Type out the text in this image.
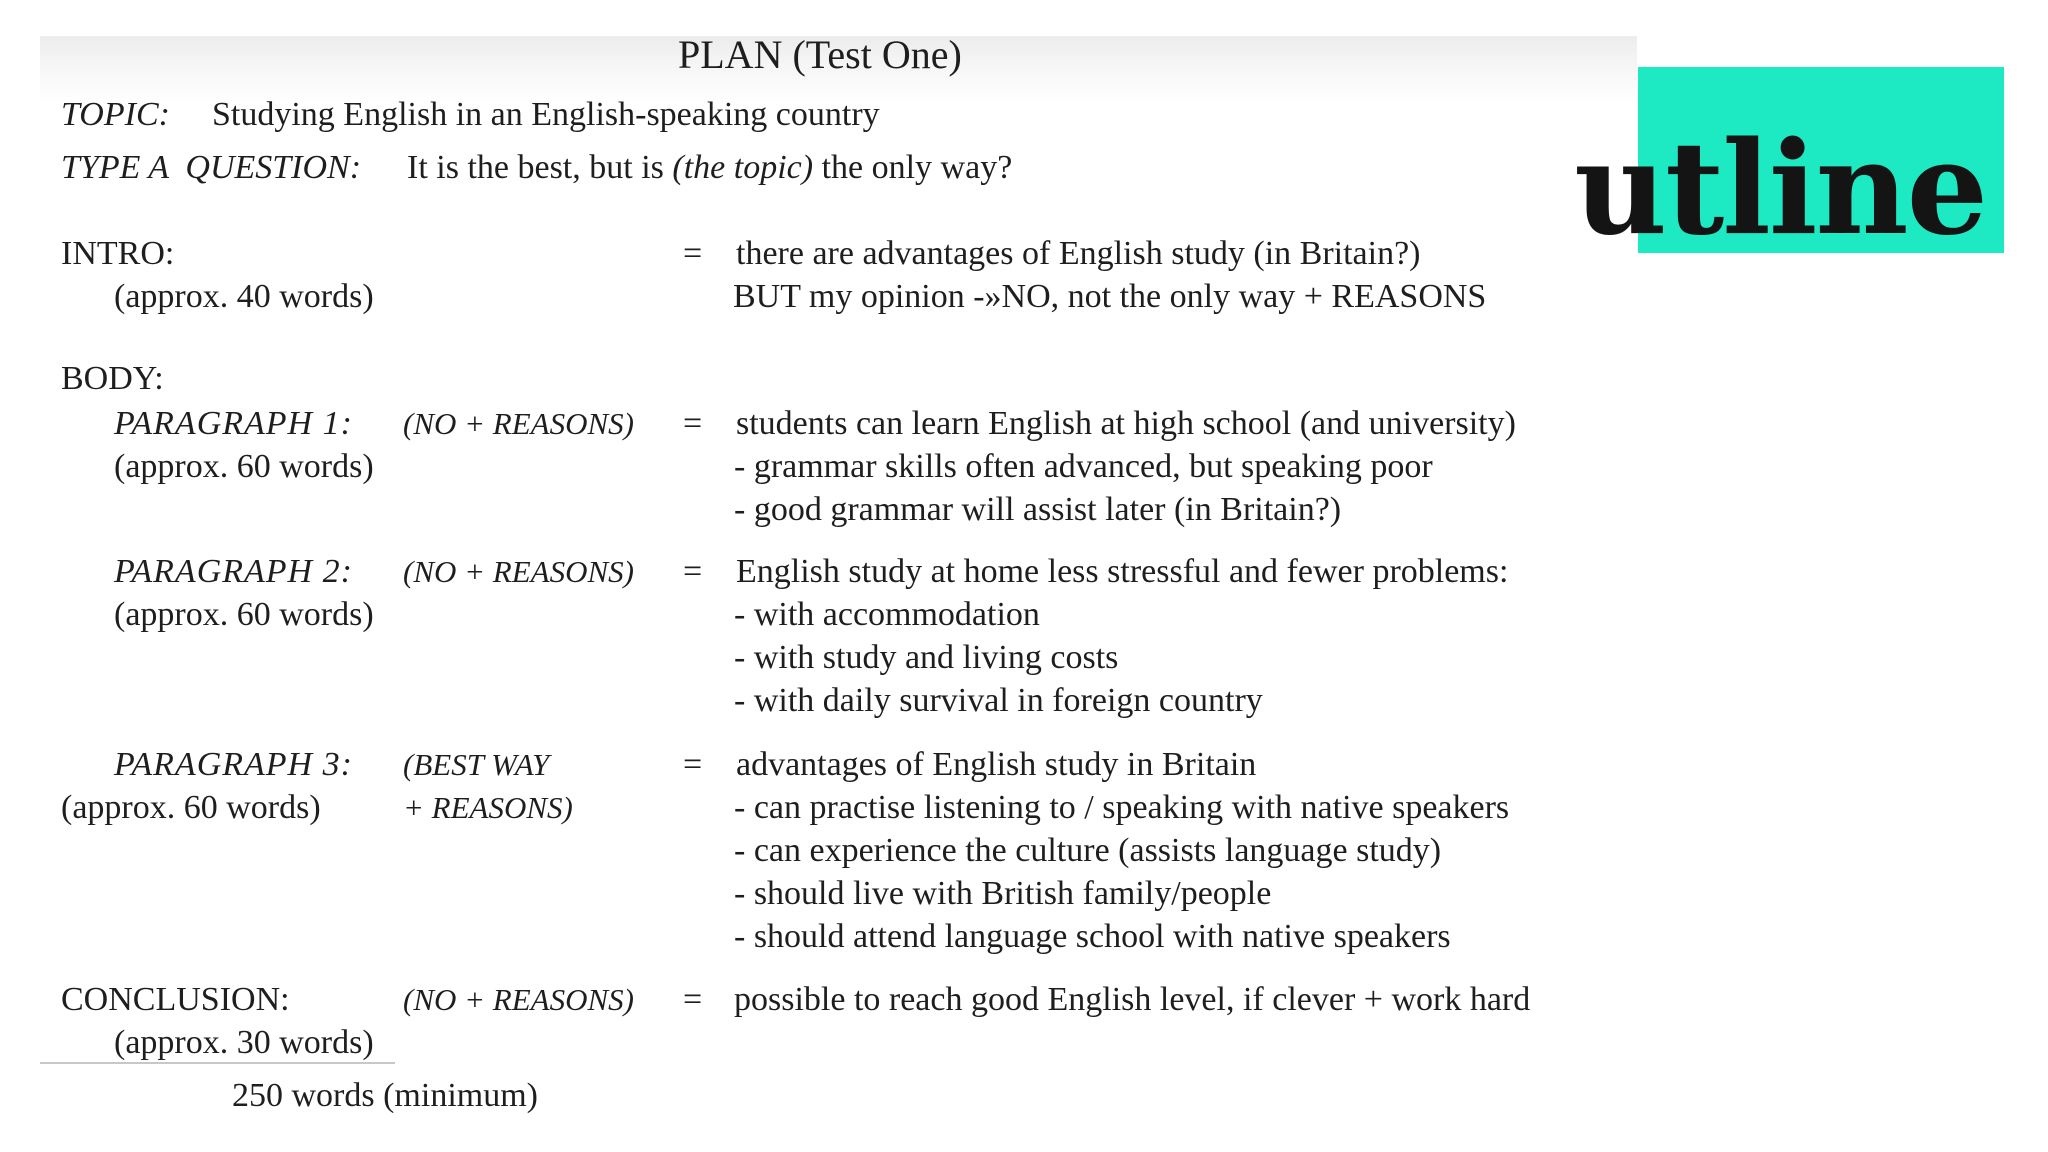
PLAN (Test One)
TOPIC: Studying English in an English-speaking country
TYPE A  QUESTION: It is the best, but is (the topic) the only way?
INTRO:
(approx. 40 words)
= there are advantages of English study (in Britain?)
BUT my opinion -»NO, not the only way + REASONS
BODY:
PARAGRAPH 1: (NO + REASONS)
(approx. 60 words)
= students can learn English at high school (and university)
- grammar skills often advanced, but speaking poor
- good grammar will assist later (in Britain?)
PARAGRAPH 2: (NO + REASONS)
(approx. 60 words)
= English study at home less stressful and fewer problems:
- with accommodation
- with study and living costs
- with daily survival in foreign country
PARAGRAPH 3: (BEST WAY
+ REASONS)
(approx. 60 words)
= advantages of English study in Britain
- can practise listening to / speaking with native speakers
- can experience the culture (assists language study)
- should live with British family/people
- should attend language school with native speakers
CONCLUSION:	(NO + REASONS)
(approx. 30 words)
= possible to reach good English level, if clever + work hard
250 words (minimum)
utline
